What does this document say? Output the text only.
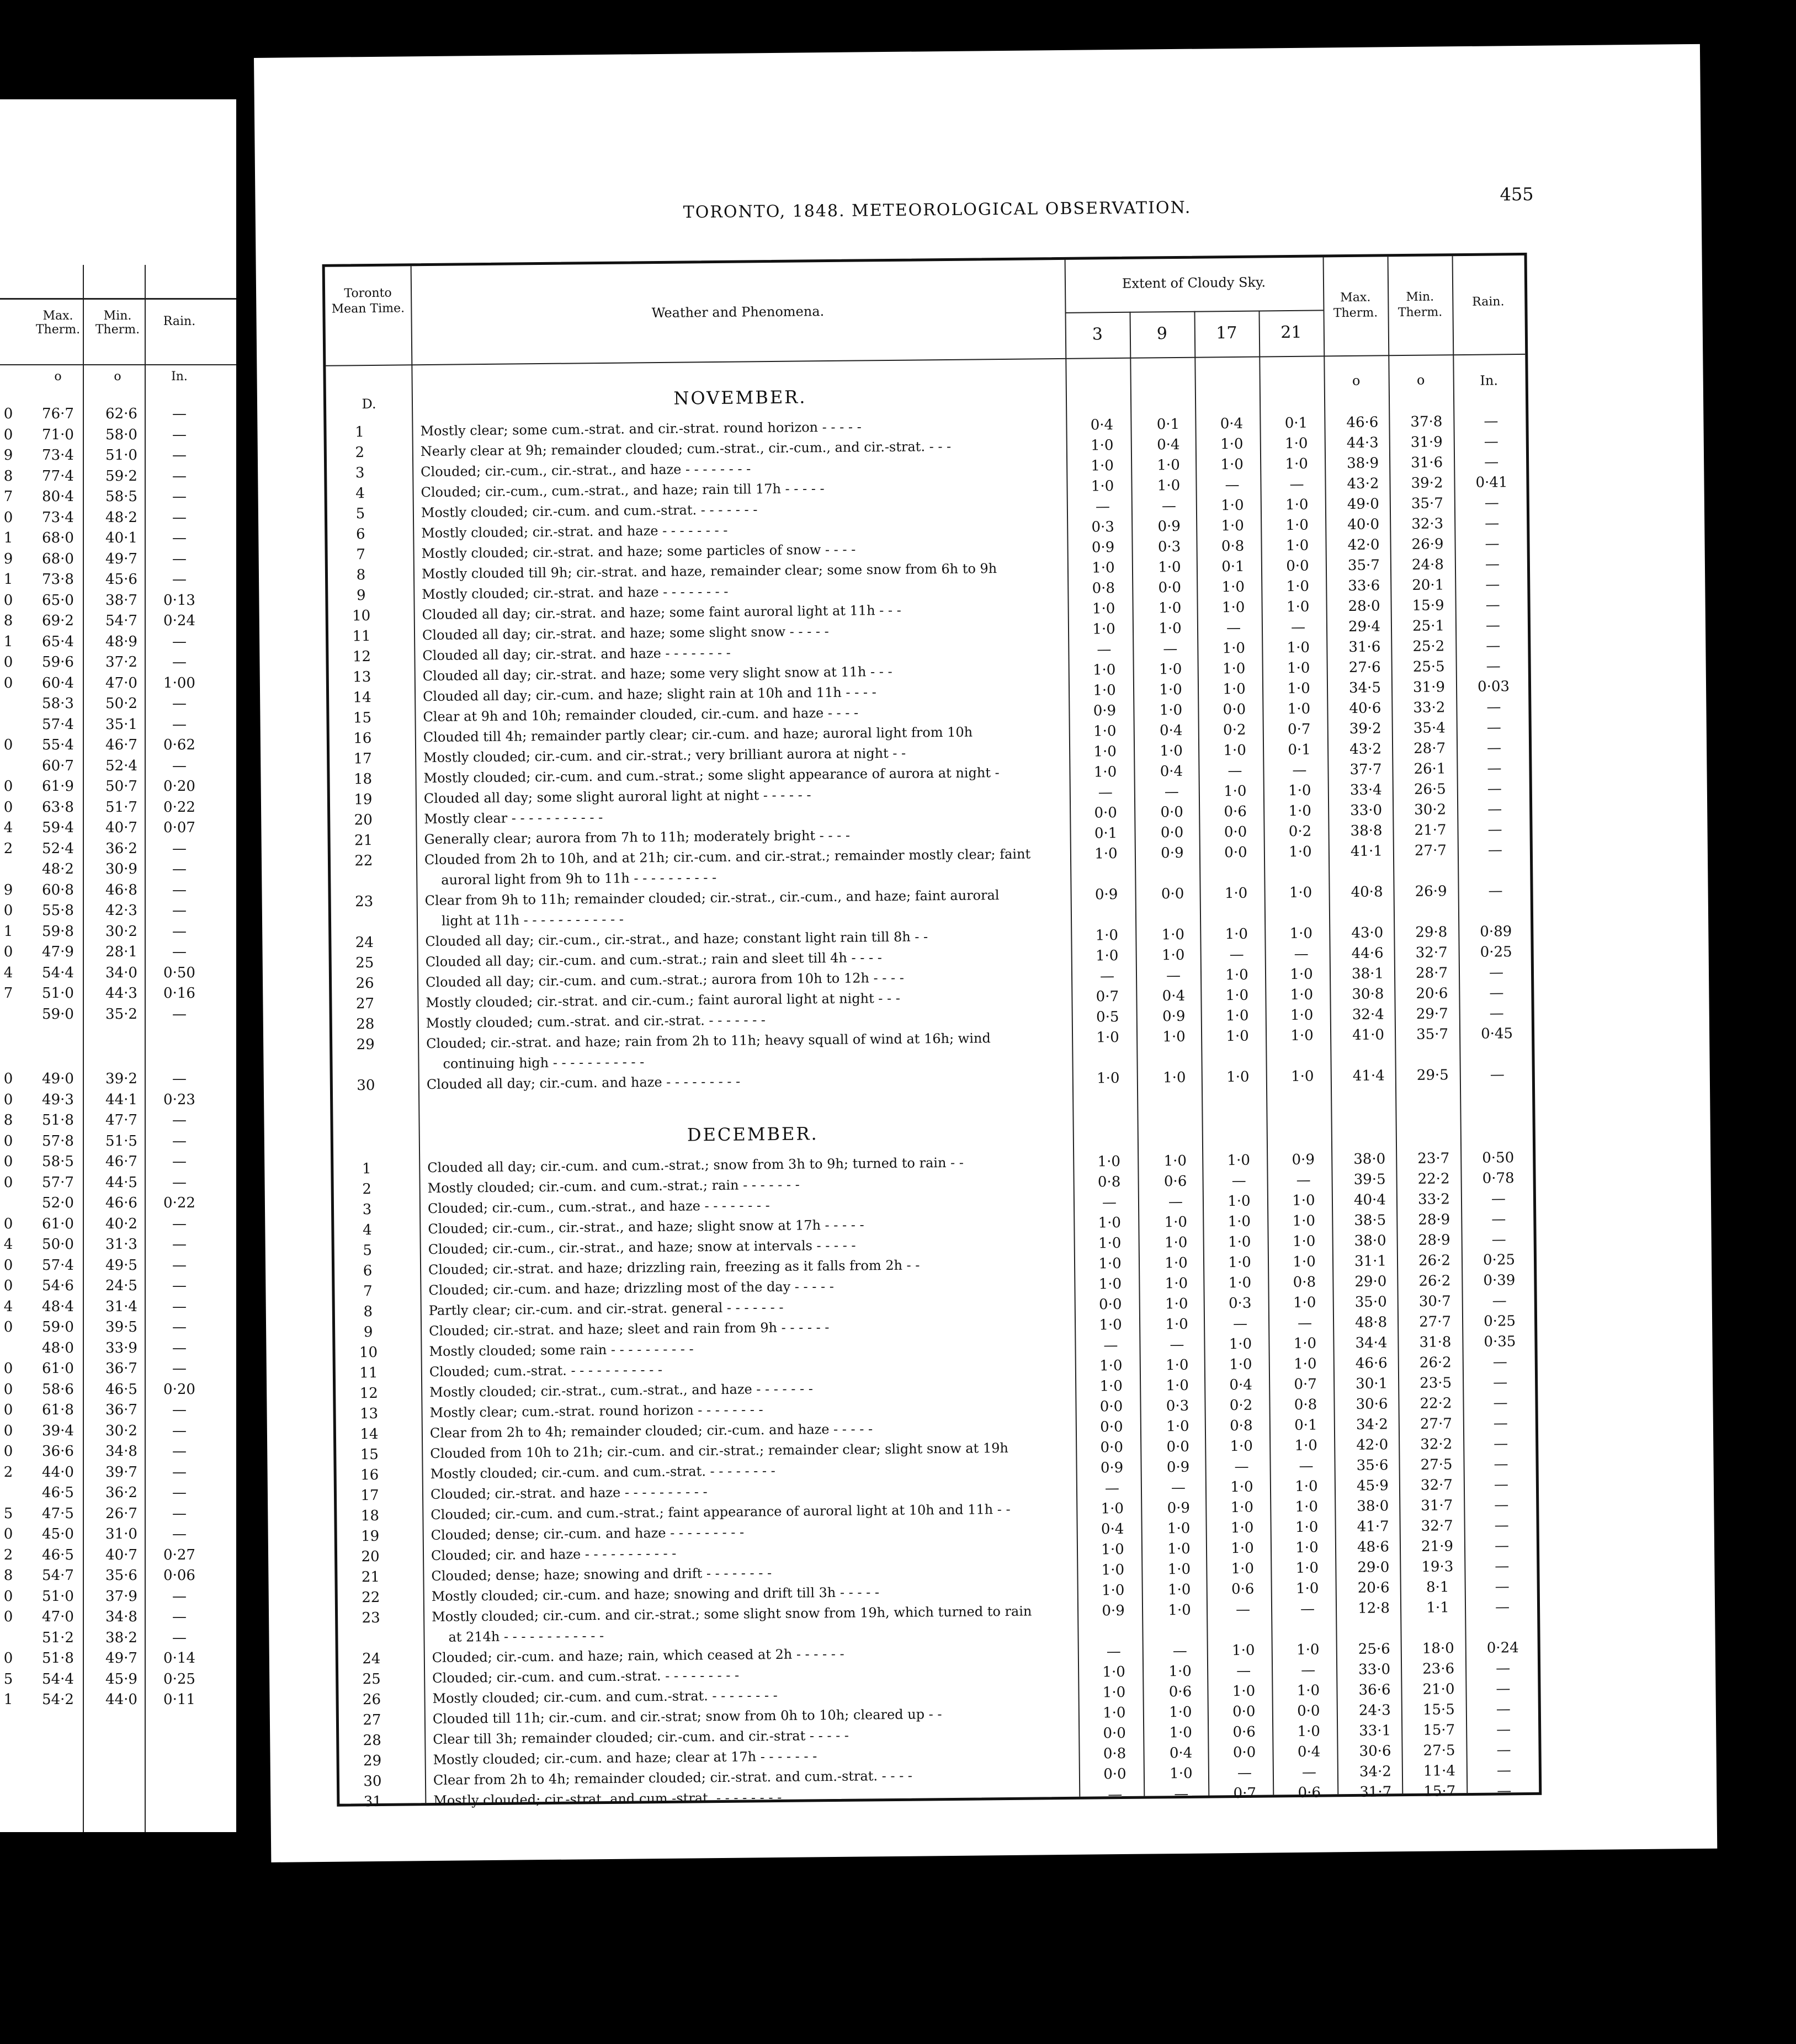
Max. Therm.
Min. Therm.
Rain.
o	o	In.
0	76·7	62·6	—
0	71·0	58·0	—
9	73·4	51·0	—
8	77·4	59·2	—
7	80·4	58·5	—
0	73·4	48·2	—
1	68·0	40·1	—
9	68·0	49·7	—
1	73·8	45·6	—
0	65·0	38·7	0·13
8	69·2	54·7	0·24
1	65·4	48·9	—
0	59·6	37·2	—
0	60·4	47·0	1·00
58·3	50·2	—
57·4	35·1	—
0	55·4	46·7	0·62
60·7	52·4	—
0	61·9	50·7	0·20
0	63·8	51·7	0·22
4	59·4	40·7	0·07
2	52·4	36·2	—
48·2	30·9	—
9	60·8	46·8	—
0	55·8	42·3	—
1	59·8	30·2	—
0	47·9	28·1	—
4	54·4	34·0	0·50
7	51·0	44·3	0·16
59·0	35·2	—
0	49·0	39·2	—
0	49·3	44·1	0·23
8	51·8	47·7	—
0	57·8	51·5	—
0	58·5	46·7	—
0	57·7	44·5	—
52·0	46·6	0·22
0	61·0	40·2	—
4	50·0	31·3	—
0	57·4	49·5	—
0	54·6	24·5	—
4	48·4	31·4	—
0	59·0	39·5	—
48·0	33·9	—
0	61·0	36·7	—
0	58·6	46·5	0·20
0	61·8	36·7	—
0	39·4	30·2	—
0	36·6	34·8	—
2	44·0	39·7	—
46·5	36·2	—
5	47·5	26·7	—
0	45·0	31·0	—
2	46·5	40·7	0·27
8	54·7	35·6	0·06
0	51·0	37·9	—
0	47·0	34·8	—
51·2	38·2	—
0	51·8	49·7	0·14
5	54·4	45·9	0·25
1	54·2	44·0	0·11
TORONTO, 1848. METEOROLOGICAL OBSERVATION.
455
Toronto Mean Time.	Weather and Phenomena.
Extent of Cloudy Sky.
3	9	17	21
Max. Therm.
Min. Therm.
Rain.
D.
o	o	In.
NOVEMBER.
DECEMBER.
1	Mostly clear; some cum.-strat. and cir.-strat. round horizon - - - - -	0·4	0·1	0·4	0·1	46·6	37·8	—
2	Nearly clear at 9h; remainder clouded; cum.-strat., cir.-cum., and cir.-strat. - - -	1·0	0·4	1·0	1·0	44·3	31·9	—
3	Clouded; cir.-cum., cir.-strat., and haze - - - - - - - -	1·0	1·0	1·0	1·0	38·9	31·6	—
4	Clouded; cir.-cum., cum.-strat., and haze; rain till 17h - - - - -	1·0	1·0	—	—	43·2	39·2	0·41
5	Mostly clouded; cir.-cum. and cum.-strat. - - - - - - -	—	—	1·0	1·0	49·0	35·7	—
6	Mostly clouded; cir.-strat. and haze - - - - - - - -	0·3	0·9	1·0	1·0	40·0	32·3	—
7	Mostly clouded; cir.-strat. and haze; some particles of snow - - - -	0·9	0·3	0·8	1·0	42·0	26·9	—
8	Mostly clouded till 9h; cir.-strat. and haze, remainder clear; some snow from 6h to 9h	1·0	1·0	0·1	0·0	35·7	24·8	—
9	Mostly clouded; cir.-strat. and haze - - - - - - - -	0·8	0·0	1·0	1·0	33·6	20·1	—
10	Clouded all day; cir.-strat. and haze; some faint auroral light at 11h - - -	1·0	1·0	1·0	1·0	28·0	15·9	—
11	Clouded all day; cir.-strat. and haze; some slight snow - - - - -	1·0	1·0	—	—	29·4	25·1	—
12	Clouded all day; cir.-strat. and haze - - - - - - - -	—	—	1·0	1·0	31·6	25·2	—
13	Clouded all day; cir.-strat. and haze; some very slight snow at 11h - - -	1·0	1·0	1·0	1·0	27·6	25·5	—
14	Clouded all day; cir.-cum. and haze; slight rain at 10h and 11h - - - -	1·0	1·0	1·0	1·0	34·5	31·9	0·03
15	Clear at 9h and 10h; remainder clouded, cir.-cum. and haze - - - -	0·9	1·0	0·0	1·0	40·6	33·2	—
16	Clouded till 4h; remainder partly clear; cir.-cum. and haze; auroral light from 10h	1·0	0·4	0·2	0·7	39·2	35·4	—
17	Mostly clouded; cir.-cum. and cir.-strat.; very brilliant aurora at night - -	1·0	1·0	1·0	0·1	43·2	28·7	—
18	Mostly clouded; cir.-cum. and cum.-strat.; some slight appearance of aurora at night -	1·0	0·4	—	—	37·7	26·1	—
19	Clouded all day; some slight auroral light at night - - - - - -	—	—	1·0	1·0	33·4	26·5	—
20	Mostly clear - - - - - - - - - - -	0·0	0·0	0·6	1·0	33·0	30·2	—
21	Generally clear; aurora from 7h to 11h; moderately bright - - - -	0·1	0·0	0·0	0·2	38·8	21·7	—
22	Clouded from 2h to 10h, and at 21h; cir.-cum. and cir.-strat.; remainder mostly clear; faint	1·0	0·9	0·0	1·0	41·1	27·7	—
auroral light from 9h to 11h - - - - - - - - - -
23	Clear from 9h to 11h; remainder clouded; cir.-strat., cir.-cum., and haze; faint auroral	0·9	0·0	1·0	1·0	40·8	26·9	—
light at 11h - - - - - - - - - - - -
24	Clouded all day; cir.-cum., cir.-strat., and haze; constant light rain till 8h - -	1·0	1·0	1·0	1·0	43·0	29·8	0·89
25	Clouded all day; cir.-cum. and cum.-strat.; rain and sleet till 4h - - - -	1·0	1·0	—	—	44·6	32·7	0·25
26	Clouded all day; cir.-cum. and cum.-strat.; aurora from 10h to 12h - - - -	—	—	1·0	1·0	38·1	28·7	—
27	Mostly clouded; cir.-strat. and cir.-cum.; faint auroral light at night - - -	0·7	0·4	1·0	1·0	30·8	20·6	—
28	Mostly clouded; cum.-strat. and cir.-strat. - - - - - - -	0·5	0·9	1·0	1·0	32·4	29·7	—
29	Clouded; cir.-strat. and haze; rain from 2h to 11h; heavy squall of wind at 16h; wind	1·0	1·0	1·0	1·0	41·0	35·7	0·45
continuing high - - - - - - - - - - -
30	Clouded all day; cir.-cum. and haze - - - - - - - - -	1·0	1·0	1·0	1·0	41·4	29·5	—
1	Clouded all day; cir.-cum. and cum.-strat.; snow from 3h to 9h; turned to rain - -	1·0	1·0	1·0	0·9	38·0	23·7	0·50
2	Mostly clouded; cir.-cum. and cum.-strat.; rain - - - - - - -	0·8	0·6	—	—	39·5	22·2	0·78
3	Clouded; cir.-cum., cum.-strat., and haze - - - - - - - -	—	—	1·0	1·0	40·4	33·2	—
4	Clouded; cir.-cum., cir.-strat., and haze; slight snow at 17h - - - - -	1·0	1·0	1·0	1·0	38·5	28·9	—
5	Clouded; cir.-cum., cir.-strat., and haze; snow at intervals - - - - -	1·0	1·0	1·0	1·0	38·0	28·9	—
6	Clouded; cir.-strat. and haze; drizzling rain, freezing as it falls from 2h - -	1·0	1·0	1·0	1·0	31·1	26·2	0·25
7	Clouded; cir.-cum. and haze; drizzling most of the day - - - - -	1·0	1·0	1·0	0·8	29·0	26·2	0·39
8	Partly clear; cir.-cum. and cir.-strat. general - - - - - - -	0·0	1·0	0·3	1·0	35·0	30·7	—
9	Clouded; cir.-strat. and haze; sleet and rain from 9h - - - - - -	1·0	1·0	—	—	48·8	27·7	0·25
10	Mostly clouded; some rain - - - - - - - - - -	—	—	1·0	1·0	34·4	31·8	0·35
11	Clouded; cum.-strat. - - - - - - - - - - -	1·0	1·0	1·0	1·0	46·6	26·2	—
12	Mostly clouded; cir.-strat., cum.-strat., and haze - - - - - - -	1·0	1·0	0·4	0·7	30·1	23·5	—
13	Mostly clear; cum.-strat. round horizon - - - - - - - -	0·0	0·3	0·2	0·8	30·6	22·2	—
14	Clear from 2h to 4h; remainder clouded; cir.-cum. and haze - - - - -	0·0	1·0	0·8	0·1	34·2	27·7	—
15	Clouded from 10h to 21h; cir.-cum. and cir.-strat.; remainder clear; slight snow at 19h	0·0	0·0	1·0	1·0	42·0	32·2	—
16	Mostly clouded; cir.-cum. and cum.-strat. - - - - - - - -	0·9	0·9	—	—	35·6	27·5	—
17	Clouded; cir.-strat. and haze - - - - - - - - - -	—	—	1·0	1·0	45·9	32·7	—
18	Clouded; cir.-cum. and cum.-strat.; faint appearance of auroral light at 10h and 11h - -	1·0	0·9	1·0	1·0	38·0	31·7	—
19	Clouded; dense; cir.-cum. and haze - - - - - - - - -	0·4	1·0	1·0	1·0	41·7	32·7	—
20	Clouded; cir. and haze - - - - - - - - - - -	1·0	1·0	1·0	1·0	48·6	21·9	—
21	Clouded; dense; haze; snowing and drift - - - - - - - -	1·0	1·0	1·0	1·0	29·0	19·3	—
22	Mostly clouded; cir.-cum. and haze; snowing and drift till 3h - - - - -	1·0	1·0	0·6	1·0	20·6	8·1	—
23	Mostly clouded; cir.-cum. and cir.-strat.; some slight snow from 19h, which turned to rain	0·9	1·0	—	—	12·8	1·1	—
at 214h - - - - - - - - - - - -
24	Clouded; cir.-cum. and haze; rain, which ceased at 2h - - - - - -	—	—	1·0	1·0	25·6	18·0	0·24
25	Clouded; cir.-cum. and cum.-strat. - - - - - - - - -	1·0	1·0	—	—	33·0	23·6	—
26	Mostly clouded; cir.-cum. and cum.-strat. - - - - - - - -	1·0	0·6	1·0	1·0	36·6	21·0	—
27	Clouded till 11h; cir.-cum. and cir.-strat; snow from 0h to 10h; cleared up - -	1·0	1·0	0·0	0·0	24·3	15·5	—
28	Clear till 3h; remainder clouded; cir.-cum. and cir.-strat - - - - -	0·0	1·0	0·6	1·0	33·1	15·7	—
29	Mostly clouded; cir.-cum. and haze; clear at 17h - - - - - - -	0·8	0·4	0·0	0·4	30·6	27·5	—
30	Clear from 2h to 4h; remainder clouded; cir.-strat. and cum.-strat. - - - -	0·0	1·0	—	—	34·2	11·4	—
31	Mostly clouded; cir.-strat. and cum.-strat. - - - - - - - -	—	—	0·7	0·6	31·7	15·7	—
